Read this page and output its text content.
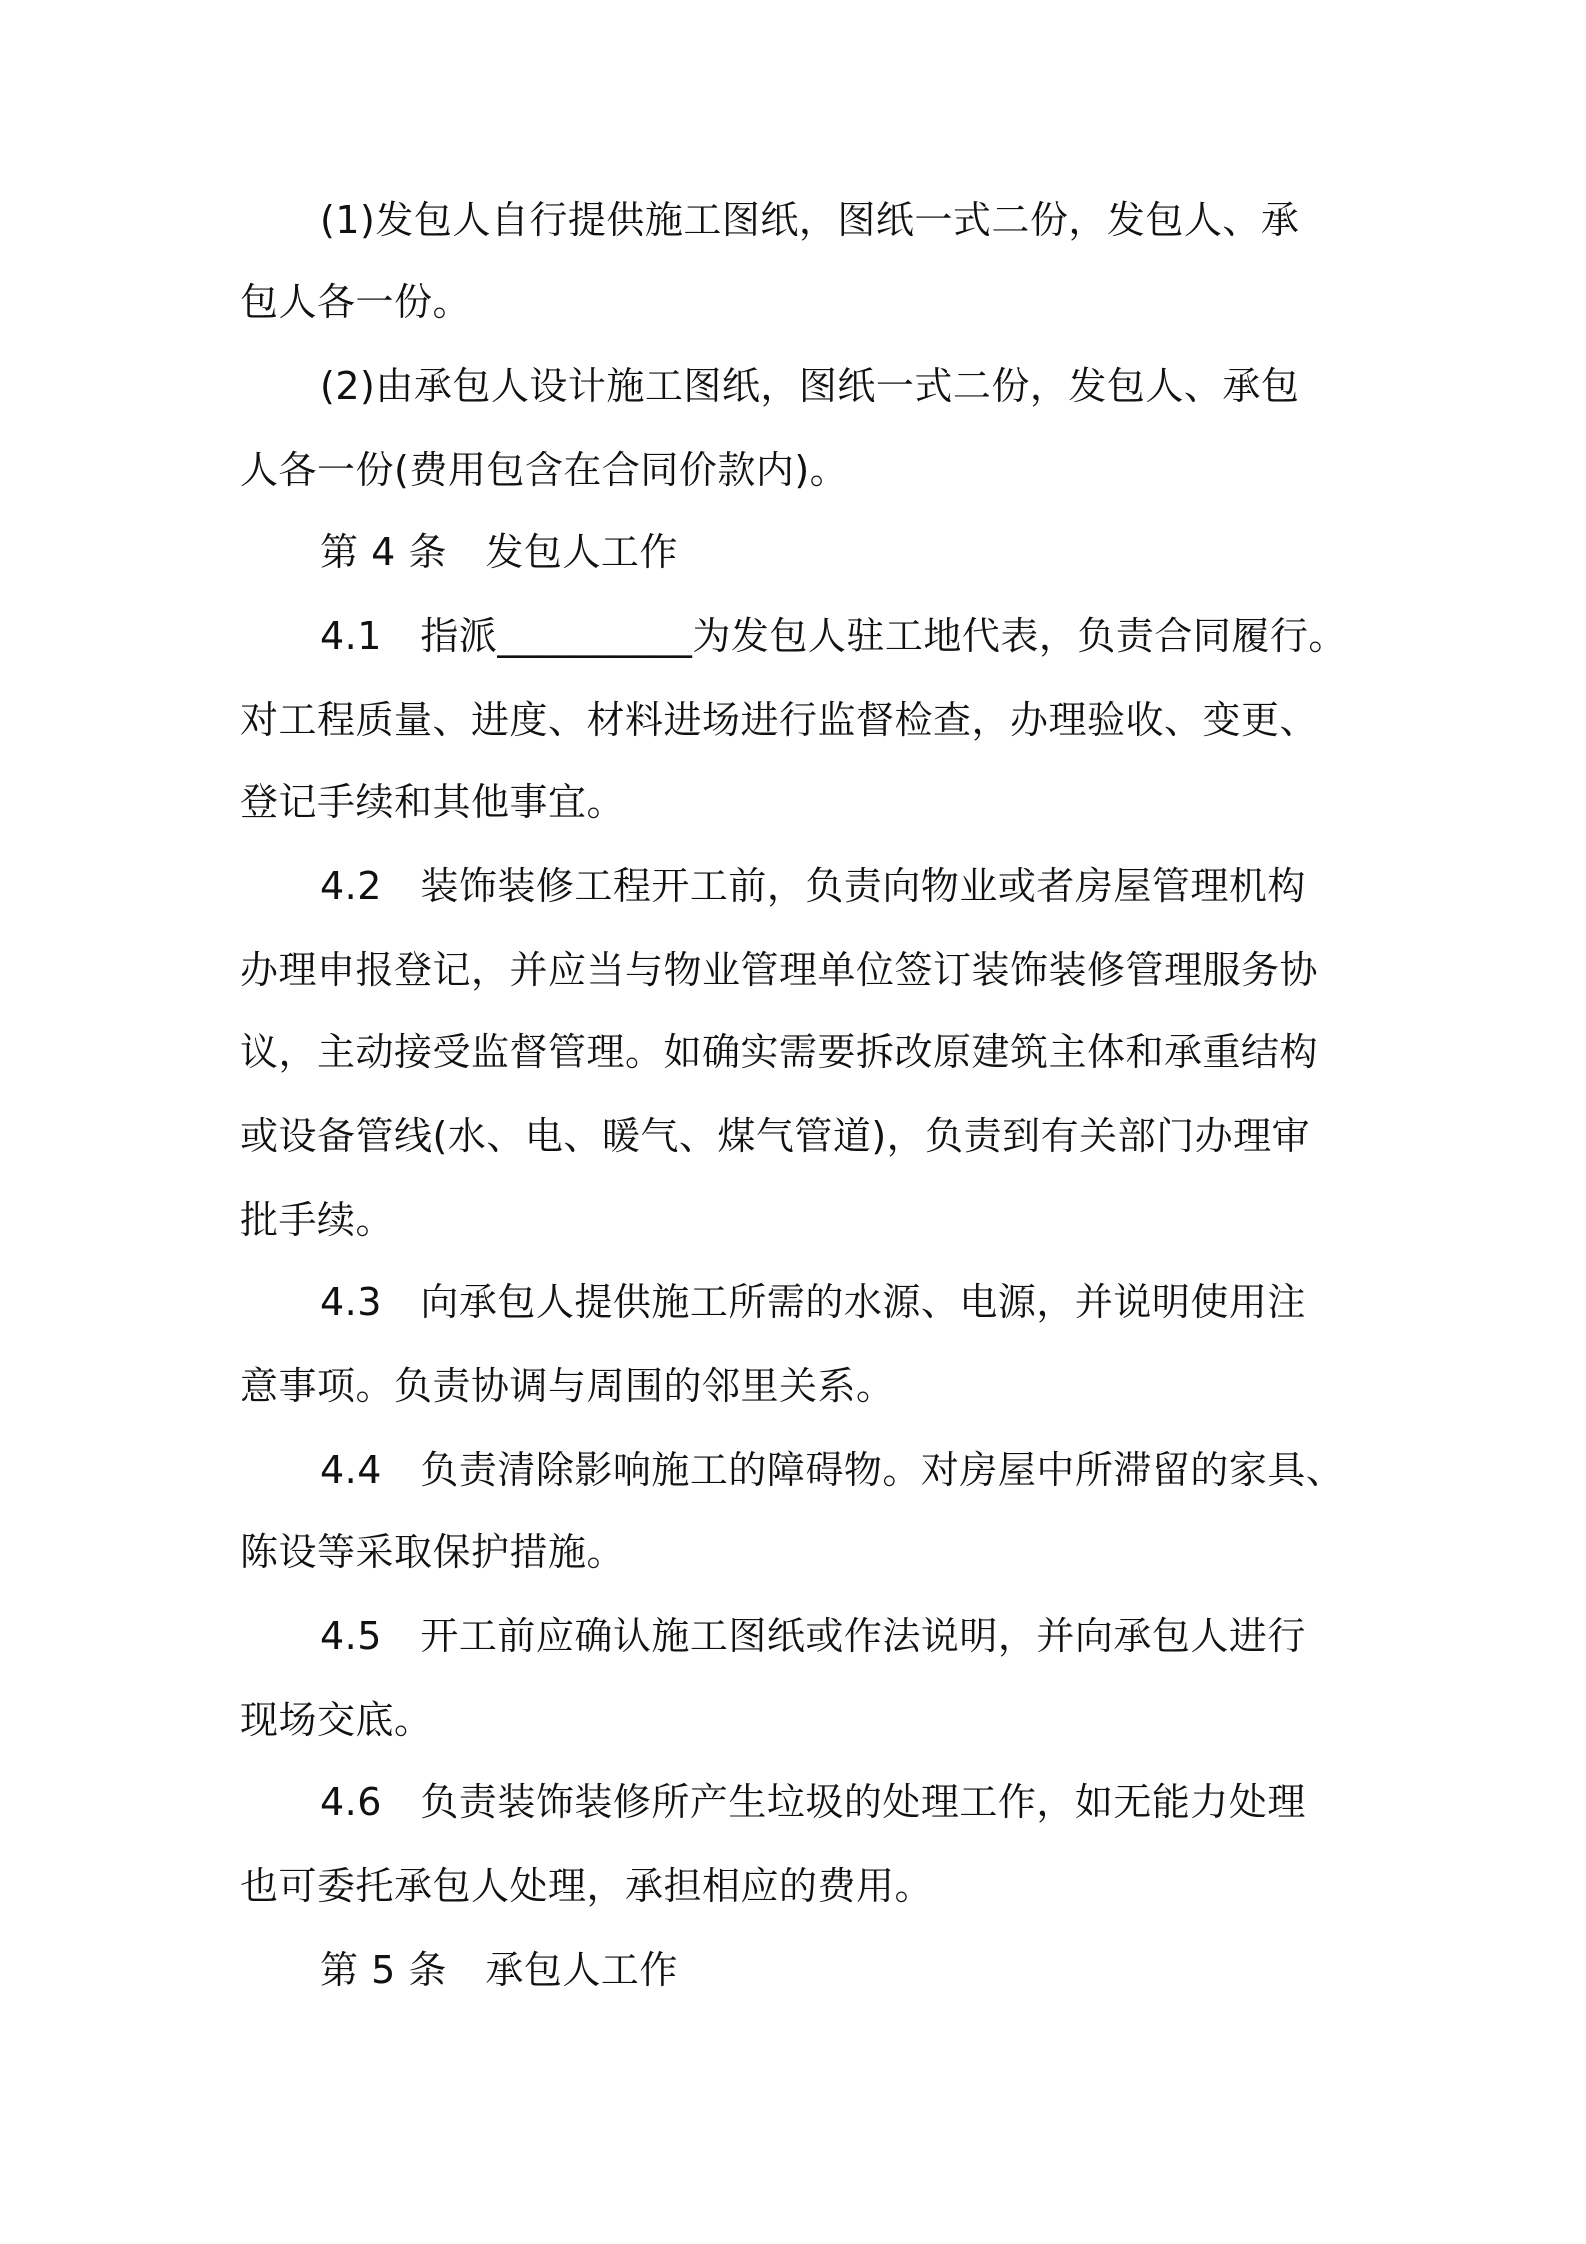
(1)发包人自行提供施工图纸，图纸一式二份，发包人、承
包人各一份。
(2)由承包人设计施工图纸，图纸一式二份，发包人、承包
人各一份(费用包含在合同价款内)。
第 4 条　发包人工作
4.1　指派__________为发包人驻工地代表，负责合同履行。
对工程质量、进度、材料进场进行监督检查，办理验收、变更、
登记手续和其他事宜。
4.2　装饰装修工程开工前，负责向物业或者房屋管理机构
办理申报登记，并应当与物业管理单位签订装饰装修管理服务协
议，主动接受监督管理。如确实需要拆改原建筑主体和承重结构
或设备管线(水、电、暖气、煤气管道)，负责到有关部门办理审
批手续。
4.3　向承包人提供施工所需的水源、电源，并说明使用注
意事项。负责协调与周围的邻里关系。
4.4　负责清除影响施工的障碍物。对房屋中所滞留的家具、
陈设等采取保护措施。
4.5　开工前应确认施工图纸或作法说明，并向承包人进行
现场交底。
4.6　负责装饰装修所产生垃圾的处理工作，如无能力处理
也可委托承包人处理，承担相应的费用。
第 5 条　承包人工作
